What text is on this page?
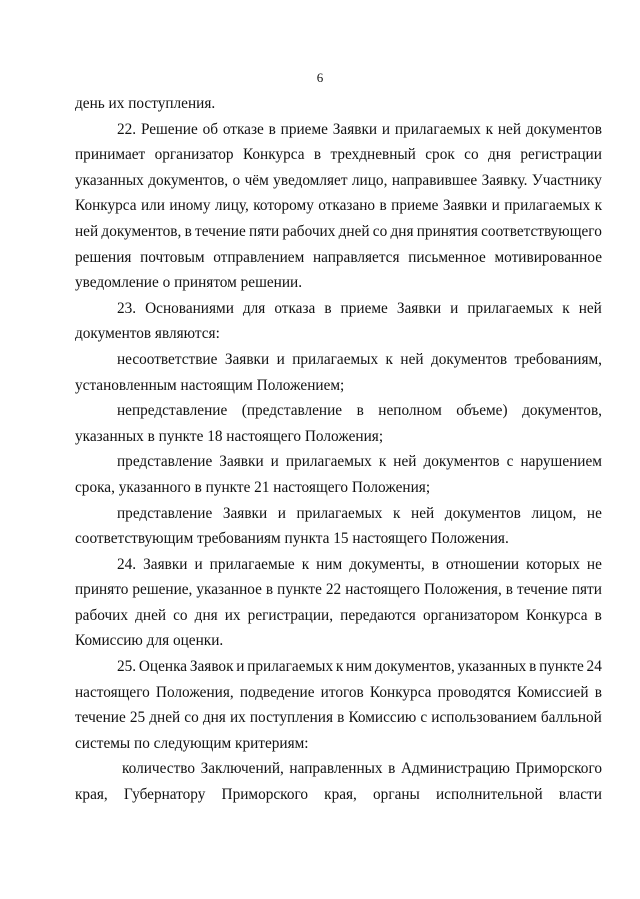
6
день их поступления.
22. Решение об отказе в приеме Заявки и прилагаемых к ней документов
принимает организатор Конкурса в трехдневный срок со дня регистрации
указанных документов, о чём уведомляет лицо, направившее Заявку. Участнику
Конкурса или иному лицу, которому отказано в приеме Заявки и прилагаемых к
ней документов, в течение пяти рабочих дней со дня принятия соответствующего
решения почтовым отправлением направляется письменное мотивированное
уведомление о принятом решении.
23. Основаниями для отказа в приеме Заявки и прилагаемых к ней
документов являются:
несоответствие Заявки и прилагаемых к ней документов требованиям,
установленным настоящим Положением;
непредставление (представление в неполном объеме) документов,
указанных в пункте 18 настоящего Положения;
представление Заявки и прилагаемых к ней документов с нарушением
срока, указанного в пункте 21 настоящего Положения;
представление Заявки и прилагаемых к ней документов лицом, не
соответствующим требованиям пункта 15 настоящего Положения.
24. Заявки и прилагаемые к ним документы, в отношении которых не
принято решение, указанное в пункте 22 настоящего Положения, в течение пяти
рабочих дней со дня их регистрации, передаются организатором Конкурса в
Комиссию для оценки.
25. Оценка Заявок и прилагаемых к ним документов, указанных в пункте 24
настоящего Положения, подведение итогов Конкурса проводятся Комиссией в
течение 25 дней со дня их поступления в Комиссию с использованием балльной
системы по следующим критериям:
количество Заключений, направленных в Администрацию Приморского
края, Губернатору Приморского края, органы исполнительной власти
